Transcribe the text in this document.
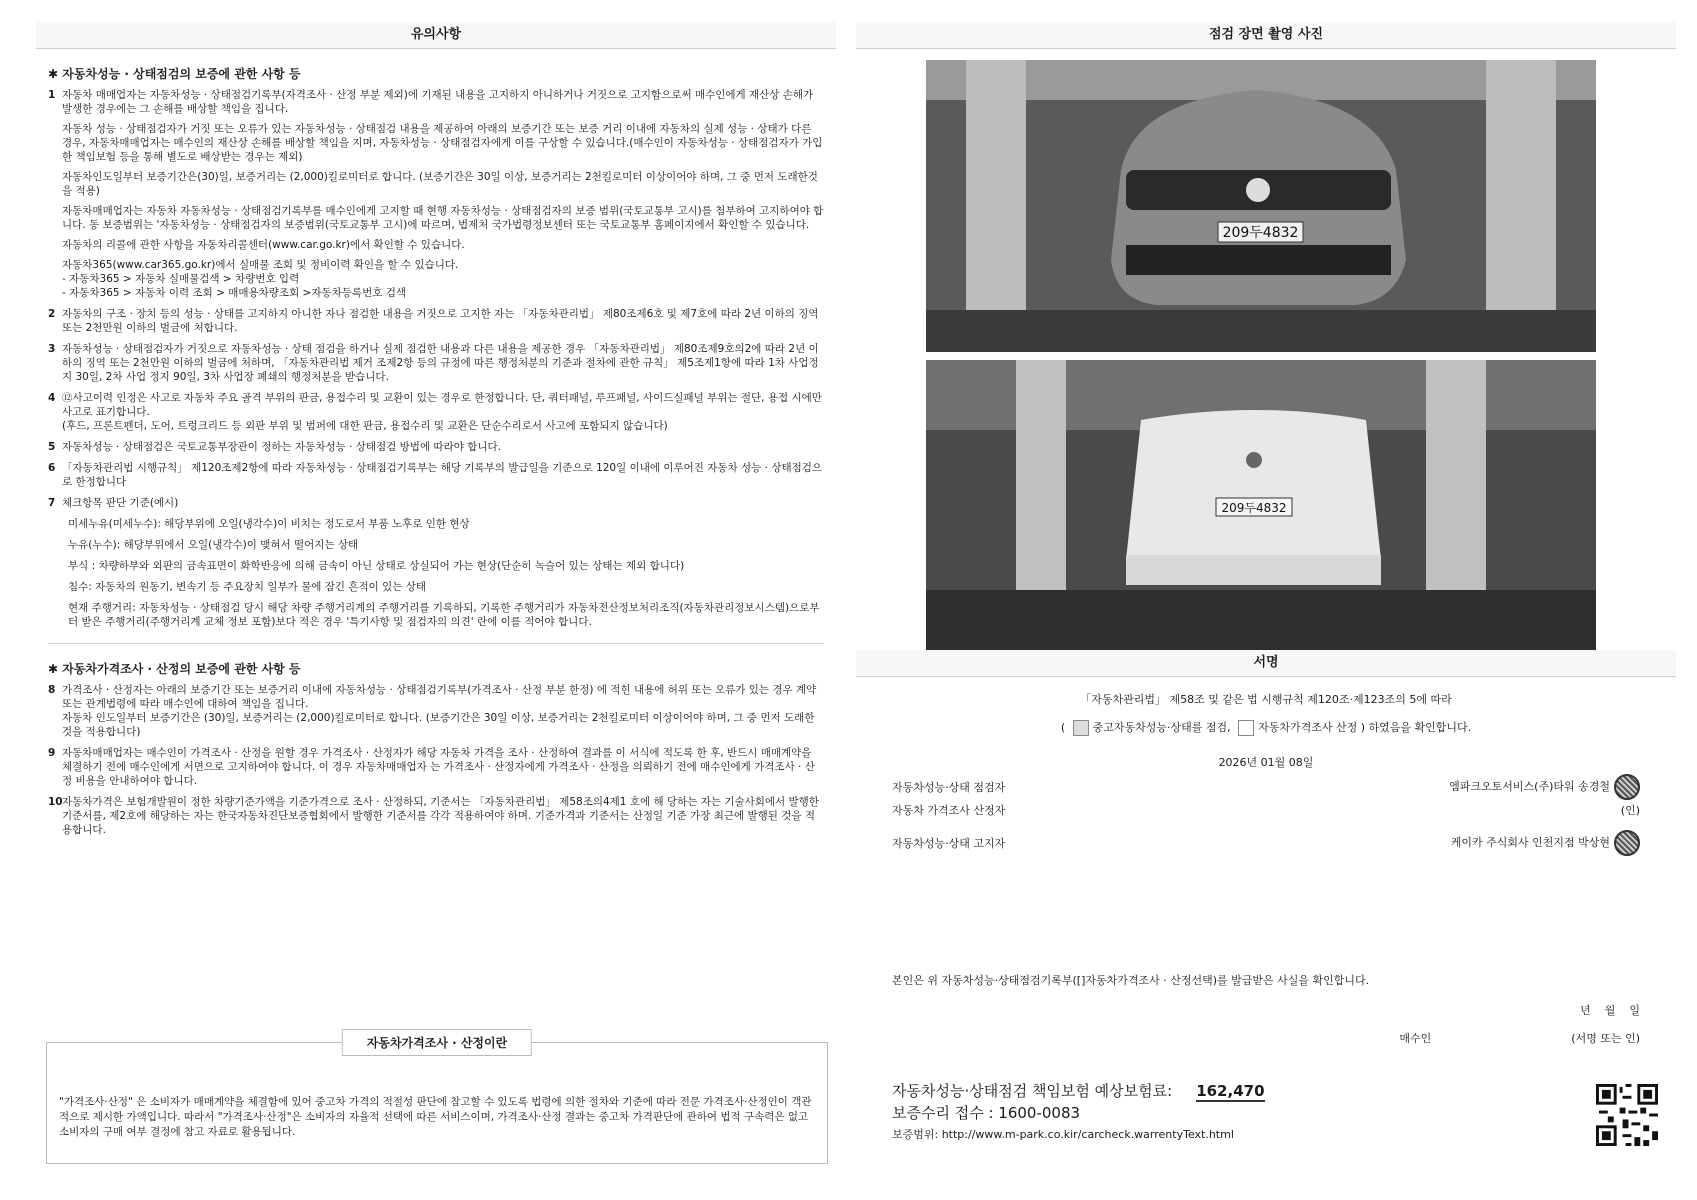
유의사항
✱ 자동차성능 · 상태점검의 보증에 관한 사항 등
1 자동차 매매업자는 자동차성능 · 상태점검기록부(자격조사 · 산정 부분 제외)에 기재된 내용을 고지하지 아니하거나 거짓으로 고지함으로써 매수인에게 재산상 손해가 발생한 경우에는 그 손해를 배상할 책임을 집니다.

자동차 성능 · 상태점검자가 거짓 또는 오류가 있는 자동차성능 · 상태점검 내용을 제공하여 아래의 보증기간 또는 보증 거리 이내에 자동차의 실제 성능 · 상태가 다른 경우, 자동차매매업자는 매수인의 재산상 손해를 배상할 책임을 지며, 자동차성능 · 상태점검자에게 이를 구상할 수 있습니다.(매수인이 자동차성능 · 상태점검자가 가입한 책임보험 등을 통해 별도로 배상받는 경우는 제외)

자동차인도일부터 보증기간은(30)일, 보증거리는 (2,000)킬로미터로 합니다. (보증기간은 30일 이상, 보증거리는 2천킬로미터 이상이어야 하며, 그 중 먼저 도래한것을 적용)

자동차매매업자는 자동차 자동차성능 · 상태점검기록부를 매수인에게 고지할 때 현행 자동차성능 · 상태점검자의 보증 범위(국토교통부 고시)를 첨부하여 고지하여야 합니다. 동 보증범위는 '자동차성능 · 상태점검자의 보증범위(국토교통부 고시)에 따르며, 법제처 국가법령정보센터 또는 국토교통부 홈페이지에서 확인할 수 있습니다.

자동차의 리콜에 관한 사항을 자동차리콜센터(www.car.go.kr)에서 확인할 수 있습니다.

자동차365(www.car365.go.kr)에서 실매물 조회 및 정비이력 확인을 할 수 있습니다.
- 자동차365 > 자동차 실매물검색 > 차량번호 입력
- 자동차365 > 자동차 이력 조회 > 매매용차량조회 >자동차등록번호 검색

2 자동차의 구조 · 장치 등의 성능 · 상태를 고지하지 아니한 자나 점검한 내용을 거짓으로 고지한 자는 「자동차관리법」 제80조제6호 및 제7호에 따라 2년 이하의 징역 또는 2천만원 이하의 벌금에 처합니다.

3 자동차성능 · 상태점검자가 거짓으로 자동차성능 · 상태 점검을 하거나 실제 점검한 내용과 다른 내용을 제공한 경우 「자동차관리법」 제80조제9호의2에 따라 2년 이하의 징역 또는 2천만원 이하의 벌금에 처하며, 「자동차관리법 제거 조제2항 등의 규정에 따른 행정처분의 기준과 절차에 관한 규칙」 제5조제1항에 따라 1차 사업정지 30일, 2차 사업 정지 90일, 3차 사업장 폐쇄의 행정처분을 받습니다.

4 ⑫사고이력 인정은 사고로 자동차 주요 골격 부위의 판금, 용접수리 및 교환이 있는 경우로 한정합니다. 단, 쿼터패널, 루프패널, 사이드실패널 부위는 절단, 용접 시에만 사고로 표기합니다.
(후드, 프론트펜더, 도어, 트렁크리드 등 외판 부위 및 범퍼에 대한 판금, 용접수리 및 교환은 단순수리로서 사고에 포함되지 않습니다)

5 자동차성능 · 상태점검은 국토교통부장관이 정하는 자동차성능 · 상태점검 방법에 따라야 합니다.

6 「자동차관리법 시행규칙」 제120조제2항에 따라 자동차성능 · 상태점검기록부는 해당 기록부의 발급일을 기준으로 120일 이내에 이루어진 자동차 성능 · 상태점검으로 한정합니다

7 체크항목 판단 기준(예시)

미세누유(미세누수): 해당부위에 오일(냉각수)이 비치는 정도로서 부품 노후로 인한 현상

누유(누수): 해당부위에서 오일(냉각수)이 맺혀서 떨어지는 상태

부식 : 차량하부와 외판의 금속표면이 화학반응에 의해 금속이 아닌 상태로 상실되어 가는 현상(단순히 녹슬어 있는 상태는 제외 합니다)

침수: 자동차의 원동기, 변속기 등 주요장치 일부가 물에 잠긴 흔적이 있는 상태

현재 주행거리: 자동차성능 · 상태점검 당시 해당 차량 주행거리계의 주행거리를 기록하되, 기록한 주행거리가 자동차전산정보처리조직(자동차관리정보시스템)으로부터 받은 주행거리(주행거리계 교체 정보 포함)보다 적은 경우 '특기사항 및 점검자의 의견' 란에 이를 적어야 합니다.

✱ 자동차가격조사 · 산정의 보증에 관한 사항 등
8 가격조사 · 산정자는 아래의 보증기간 또는 보증거리 이내에 자동차성능 · 상태점검기록부(가격조사 · 산정 부분 한정) 에 적힌 내용에 허위 또는 오류가 있는 경우 계약 또는 관계법령에 따라 매수인에 대하여 책임을 집니다.
자동차 인도일부터 보증기간은 (30)일, 보증거리는 (2,000)킬로미터로 합니다. (보증기간은 30일 이상, 보증거리는 2천킬로미터 이상이어야 하며, 그 중 먼저 도래한 것을 적용합니다)

9 자동차매매업자는 매수인이 가격조사 · 산정을 원할 경우 가격조사 · 산정자가 해당 자동차 가격을 조사 · 산정하여 결과를 이 서식에 적도록 한 후, 반드시 매매계약을 체결하기 전에 매수인에게 서면으로 고지하여야 합니다. 이 경우 자동차매매업자 는 가격조사 · 산정자에게 가격조사 · 산정을 의뢰하기 전에 매수인에게 가격조사 · 산정 비용을 안내하여야 합니다.

10 자동차가격은 보험개발원이 정한 차량기준가액을 기준가격으로 조사 · 산정하되, 기준서는 「자동차관리법」 제58조의4제1 호에 해 당하는 자는 기술사회에서 발행한기준서를, 제2호에 해당하는 자는 한국자동차진단보증협회에서 발행한 기준서를 각각 적용하여야 하며. 기준가격과 기준서는 산정일 기준 가장 최근에 발행된 것을 적용합니다.

자동차가격조사 · 산정이란
"가격조사·산정" 은 소비자가 매매계약을 체결함에 있어 중고차 가격의 적절성 판단에 참고할 수 있도록 법령에 의한 절차와 기준에 따라 전문 가격조사·산정인이 객관적으로 제시한 가액입니다. 따라서 "가격조사·산정"은 소비자의 자율적 선택에 따른 서비스이며, 가격조사·산정 결과는 중고차 가격판단에 관하여 법적 구속력은 없고 소비자의 구매 여부 결정에 참고 자료로 활용됩니다.
점검 장면 촬영 사진
209두4832
209두4832
서명
「자동차관리법」 제58조 및 같은 법 시행규칙 제120조·제123조의 5에 따라
(	중고자동차성능·상태를 점검,	자동차가격조사 산정 ) 하였음을 확인합니다.
2026년 01월 08일
자동차성능·상태 점검자	엠파크오토서비스(주)타워 송경철
자동차 가격조사 산정자	(인)
자동차성능·상태 고지자	케이카 주식회사 인천지점 박상현
본인은 위 자동차성능·상태점검기록부([]자동차가격조사 · 산정선택)를 발급받은 사실을 확인합니다.
년    월    일
매수인	(서명 또는 인)
자동차성능·상태점검 책임보험 예상보험료: 162,470
보증수리 접수 : 1600-0083
보증범위: http://www.m-park.co.kir/carcheck.warrentyText.html
